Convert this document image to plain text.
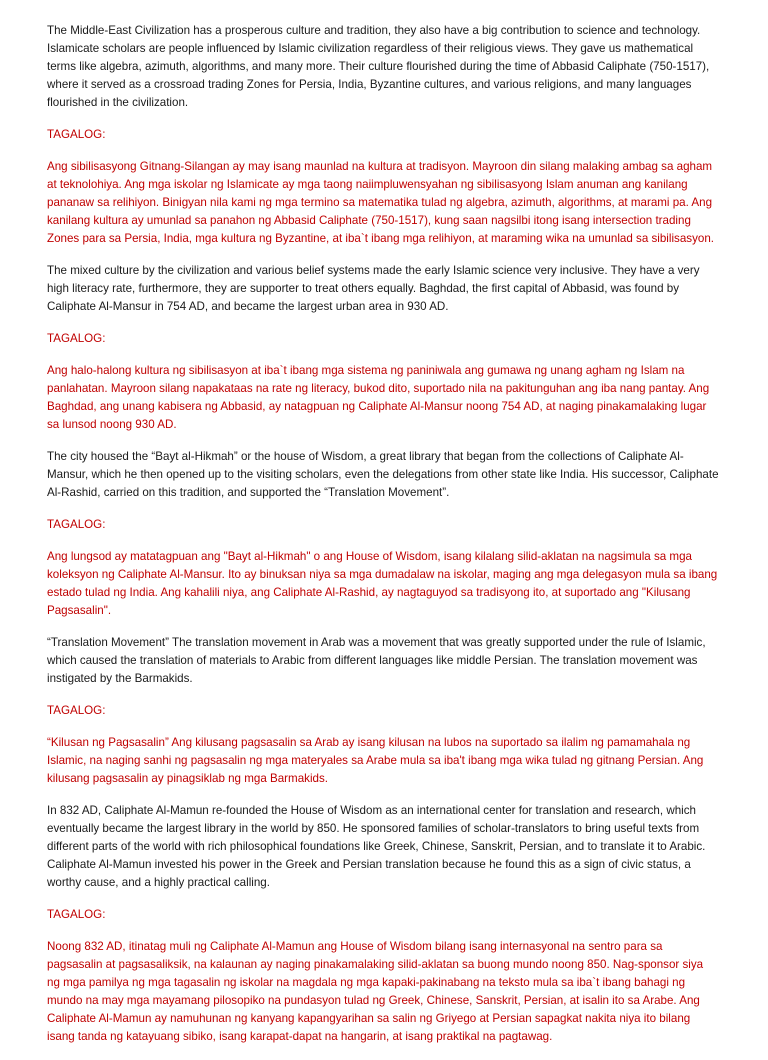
The Middle-East Civilization has a prosperous culture and tradition, they also have a big contribution to science and technology. Islamicate scholars are people influenced by Islamic civilization regardless of their religious views. They gave us mathematical terms like algebra, azimuth, algorithms, and many more. Their culture flourished during the time of Abbasid Caliphate (750-1517), where it served as a crossroad trading Zones for Persia, India, Byzantine cultures, and various religions, and many languages flourished in the civilization.

TAGALOG:

Ang sibilisasyong Gitnang-Silangan ay may isang maunlad na kultura at tradisyon. Mayroon din silang malaking ambag sa agham at teknolohiya. Ang mga iskolar ng Islamicate ay mga taong naiimpluwensyahan ng sibilisasyong Islam anuman ang kanilang pananaw sa relihiyon. Binigyan nila kami ng mga termino sa matematika tulad ng algebra, azimuth, algorithms, at marami pa. Ang kanilang kultura ay umunlad sa panahon ng Abbasid Caliphate (750-1517), kung saan nagsilbi itong isang intersection trading Zones para sa Persia, India, mga kultura ng Byzantine, at iba`t ibang mga relihiyon, at maraming wika na umunlad sa sibilisasyon.

The mixed culture by the civilization and various belief systems made the early Islamic science very inclusive. They have a very high literacy rate, furthermore, they are supporter to treat others equally. Baghdad, the first capital of Abbasid, was found by Caliphate Al-Mansur in 754 AD, and became the largest urban area in 930 AD.

TAGALOG:

Ang halo-halong kultura ng sibilisasyon at iba`t ibang mga sistema ng paniniwala ang gumawa ng unang agham ng Islam na panlahatan. Mayroon silang napakataas na rate ng literacy, bukod dito, suportado nila na pakitunguhan ang iba nang pantay. Ang Baghdad, ang unang kabisera ng Abbasid, ay natagpuan ng Caliphate Al-Mansur noong 754 AD, at naging pinakamalaking lugar sa lunsod noong 930 AD.

The city housed the “Bayt al-Hikmah” or the house of Wisdom, a great library that began from the collections of Caliphate Al-Mansur, which he then opened up to the visiting scholars, even the delegations from other state like India. His successor, Caliphate Al-Rashid, carried on this tradition, and supported the “Translation Movement”.

TAGALOG:

Ang lungsod ay matatagpuan ang "Bayt al-Hikmah" o ang House of Wisdom, isang kilalang silid-aklatan na nagsimula sa mga koleksyon ng Caliphate Al-Mansur. Ito ay binuksan niya sa mga dumadalaw na iskolar, maging ang mga delegasyon mula sa ibang estado tulad ng India. Ang kahalili niya, ang Caliphate Al-Rashid, ay nagtaguyod sa tradisyong ito, at suportado ang "Kilusang Pagsasalin".

“Translation Movement” The translation movement in Arab was a movement that was greatly supported under the rule of Islamic, which caused the translation of materials to Arabic from different languages like middle Persian. The translation movement was instigated by the Barmakids.

TAGALOG:

“Kilusan ng Pagsasalin” Ang kilusang pagsasalin sa Arab ay isang kilusan na lubos na suportado sa ilalim ng pamamahala ng Islamic, na naging sanhi ng pagsasalin ng mga materyales sa Arabe mula sa iba't ibang mga wika tulad ng gitnang Persian. Ang kilusang pagsasalin ay pinagsiklab ng mga Barmakids.

In 832 AD, Caliphate Al-Mamun re-founded the House of Wisdom as an international center for translation and research, which eventually became the largest library in the world by 850. He sponsored families of scholar-translators to bring useful texts from different parts of the world with rich philosophical foundations like Greek, Chinese, Sanskrit, Persian, and to translate it to Arabic. Caliphate Al-Mamun invested his power in the Greek and Persian translation because he found this as a sign of civic status, a worthy cause, and a highly practical calling.

TAGALOG:

Noong 832 AD, itinatag muli ng Caliphate Al-Mamun ang House of Wisdom bilang isang internasyonal na sentro para sa pagsasalin at pagsasaliksik, na kalaunan ay naging pinakamalaking silid-aklatan sa buong mundo noong 850. Nag-sponsor siya ng mga pamilya ng mga tagasalin ng iskolar na magdala ng mga kapaki-pakinabang na teksto mula sa iba`t ibang bahagi ng mundo na may mga mayamang pilosopiko na pundasyon tulad ng Greek, Chinese, Sanskrit, Persian, at isalin ito sa Arabe. Ang Caliphate Al-Mamun ay namuhunan ng kanyang kapangyarihan sa salin ng Griyego at Persian sapagkat nakita niya ito bilang isang tanda ng katayuang sibiko, isang karapat-dapat na hangarin, at isang praktikal na pagtawag.
